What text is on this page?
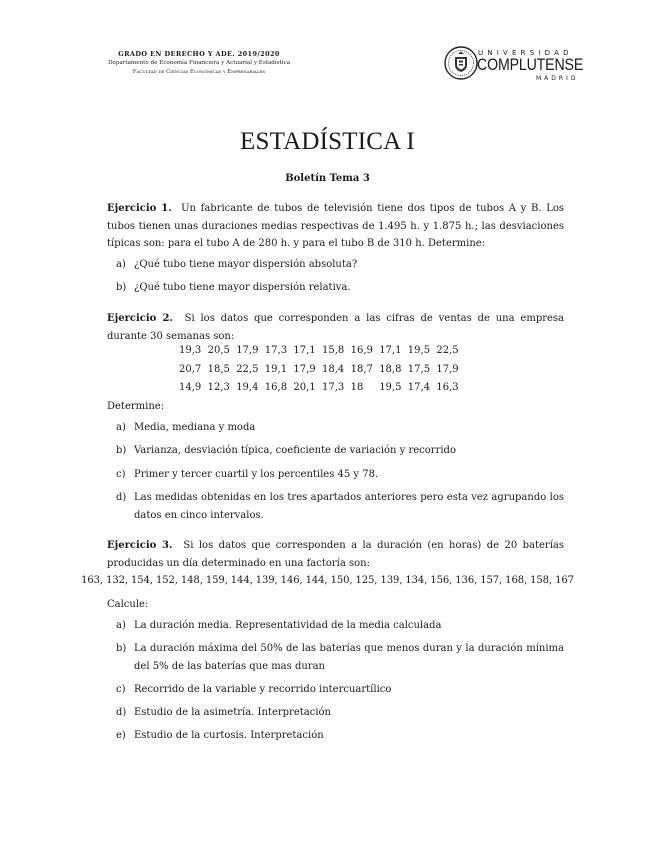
GRADO EN DERECHO Y ADE. 2019/2020
Departamento de Economía Financiera y Actuarial y Estadística
Facultad de Ciencias Económicas y Empresariales
UNIVERSIDAD
COMPLUTENSE
MADRID
ESTADÍSTICA I
Boletín Tema 3
Ejercicio 1. Un fabricante de tubos de televisión tiene dos tipos de tubos A y B. Los tubos tienen unas duraciones medias respectivas de 1.495 h. y 1.875 h.; las desviaciones típicas son: para el tubo A de 280 h. y para el tubo B de 310 h. Determine:
a) ¿Qué tubo tiene mayor dispersión absoluta?
b) ¿Qué tubo tiene mayor dispersión relativa.
Ejercicio 2. Si los datos que corresponden a las cifras de ventas de una empresa durante 30 semanas son:
19,3 20,5 17,9 17,3 17,1 15,8 16,9 17,1 19,5 22,5
20,7 18,5 22,5 19,1 17,9 18,4 18,7 18,8 17,5 17,9
14,9 12,3 19,4 16,8 20,1 17,3 18	19,5 17,4 16,3
Determine:
a) Media, mediana y moda
b) Varianza, desviación típica, coeficiente de variación y recorrido
c) Primer y tercer cuartil y los percentiles 45 y 78.
d) Las medidas obtenidas en los tres apartados anteriores pero esta vez agrupando los datos en cinco intervalos.
Ejercicio 3. Si los datos que corresponden a la duración (en horas) de 20 baterías producidas un día determinado en una factoría son:
163, 132, 154, 152, 148, 159, 144, 139, 146, 144, 150, 125, 139, 134, 156, 136, 157, 168, 158, 167
Calcule:
a) La duración media. Representatividad de la media calculada
b) La duración máxima del 50% de las baterías que menos duran y la duración mínima del 5% de las baterías que mas duran
c) Recorrido de la variable y recorrido intercuartílico
d) Estudio de la asimetría. Interpretación
e) Estudio de la curtosis. Interpretación
